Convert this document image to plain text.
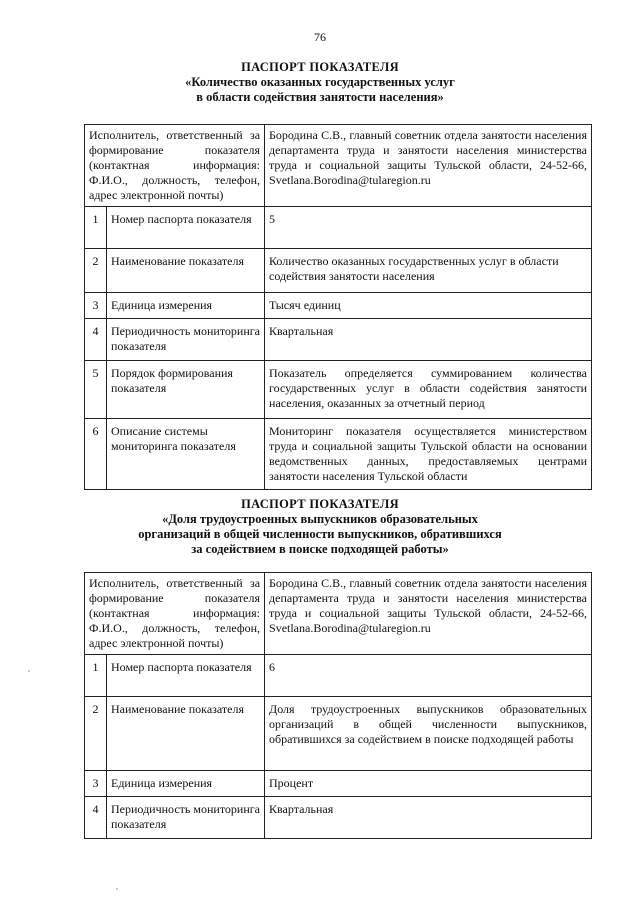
76
ПАСПОРТ ПОКАЗАТЕЛЯ
«Количество оказанных государственных услуг
в области содействия занятости населения»
Исполнитель, ответственный за формирование показателя (контактная информация: Ф.И.О., должность, телефон, адрес электронной почты)		Бородина С.В., главный советник отдела занятости населения департамента труда и занятости населения министерства труда и социальной защиты Тульской области, 24-52-66, Svetlana.Borodina@tularegion.ru
1	Номер паспорта показателя	5
2	Наименование показателя	Количество оказанных государственных услуг в области содействия занятости населения
3	Единица измерения	Тысяч единиц
4	Периодичность мониторинга показателя	Квартальная
5	Порядок формирования показателя	Показатель определяется суммированием количества государственных услуг в области содействия занятости населения, оказанных за отчетный период
6	Описание системы мониторинга показателя	Мониторинг показателя осуществляется министерством труда и социальной защиты Тульской области на основании ведомственных данных, предоставляемых центрами занятости населения Тульской области
ПАСПОРТ ПОКАЗАТЕЛЯ
«Доля трудоустроенных выпускников образовательных
организаций в общей численности выпускников, обратившихся
за содействием в поиске подходящей работы»
Исполнитель, ответственный за формирование показателя (контактная информация: Ф.И.О., должность, телефон, адрес электронной почты)		Бородина С.В., главный советник отдела занятости населения департамента труда и занятости населения министерства труда и социальной защиты Тульской области, 24-52-66, Svetlana.Borodina@tularegion.ru
1	Номер паспорта показателя	6
2	Наименование показателя	Доля трудоустроенных выпускников образовательных организаций в общей численности выпускников, обратившихся за содействием в поиске подходящей работы
3	Единица измерения	Процент
4	Периодичность мониторинга показателя	Квартальная
